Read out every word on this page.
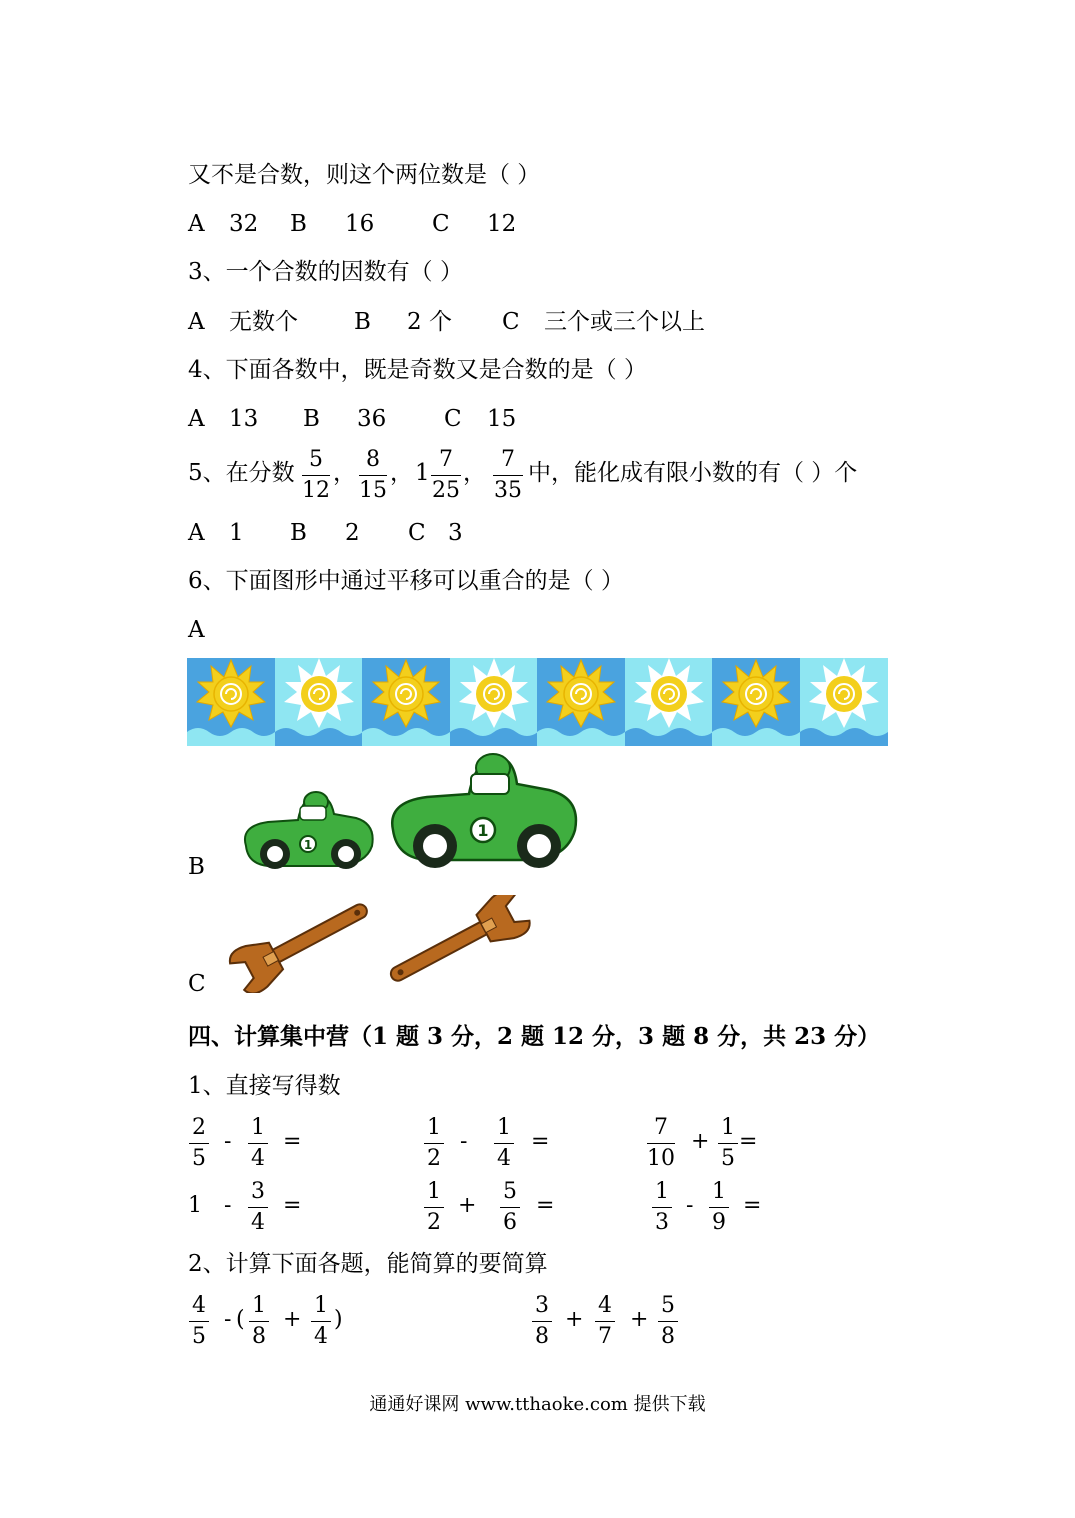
又不是合数，则这个两位数是（ ）
A 32 B 16	C 12
3、一个合数的因数有（ ）
A 无数个 B 2 个 C 三个或三个以上
4、下面各数中，既是奇数又是合数的是（ ）
A 13 B 36	C 15
5、在分数
5
12
，
8
15
， 1
7
25
，
7
35
中，能化成有限小数的有（ ）个
A 1 B 2 C 3
6、下面图形中通过平移可以重合的是（ ）
A
B
1
1
C
四、计算集中营（1 题 3 分，2 题 12 分，3 题 8 分，共 23 分）
1、直接写得数
2
5
-
1
4
=
1
2
-
1
4
=
7
10
+
1
5
=
1 -
3
4
=
1
2
+
5
6
=
1
3
-
1
9
=
2、计算下面各题，能简算的要简算
4
5
- (
1
8
+
1
4
)
3
8
+
4
7
+
5
8
通通好课网 www.tthaoke.com 提供下载
